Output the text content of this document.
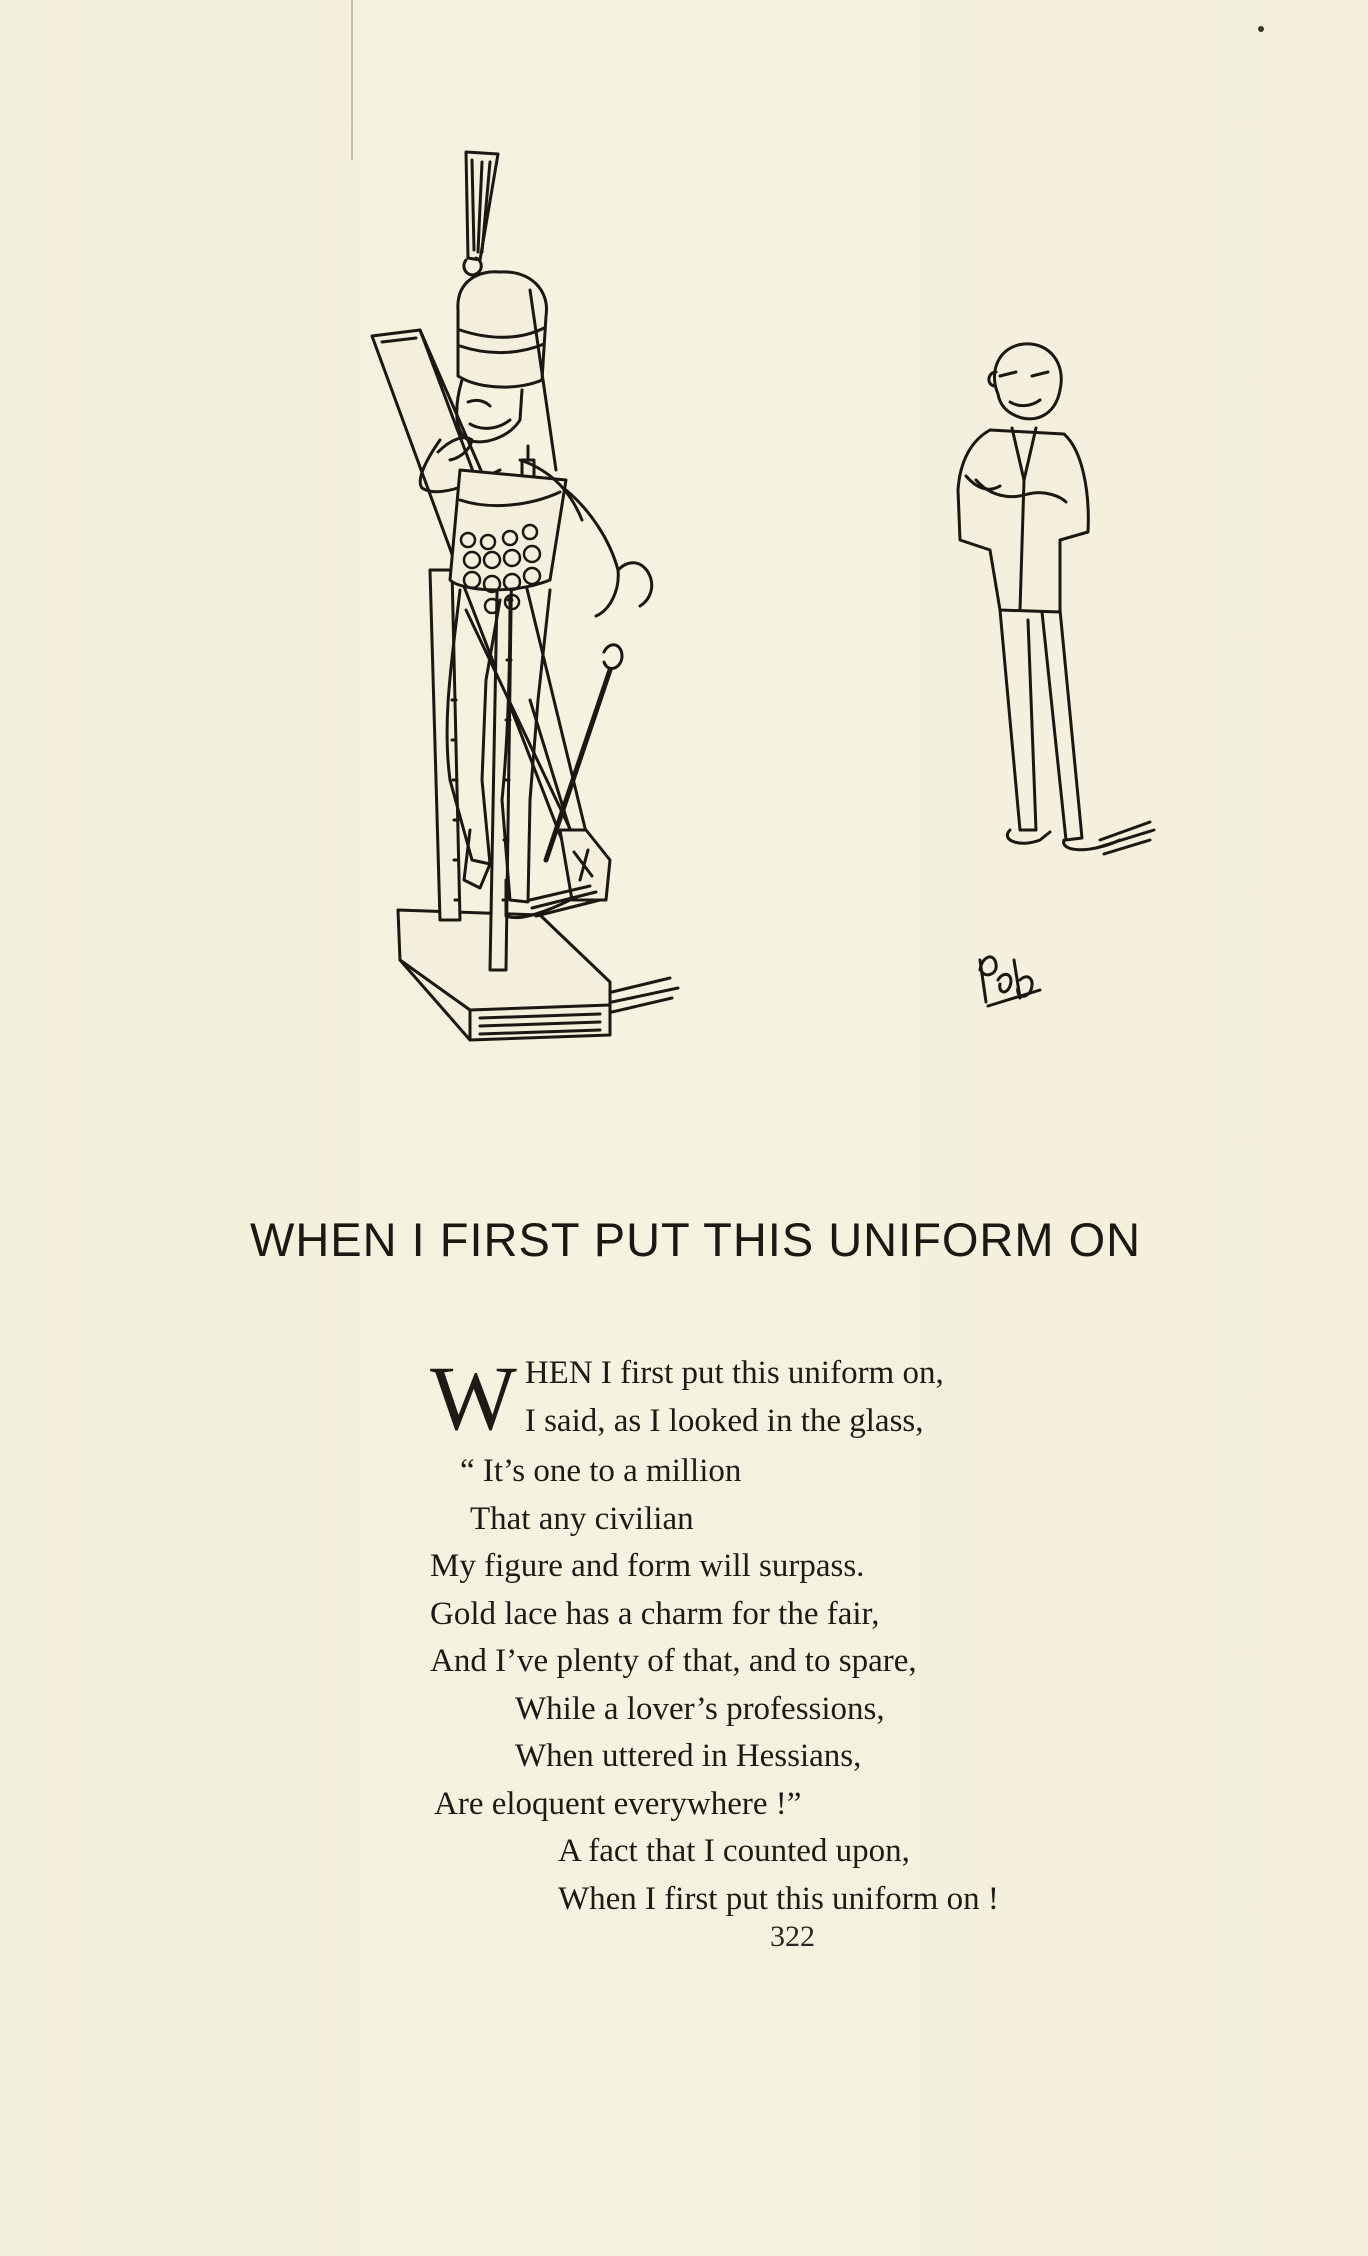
WHEN I FIRST PUT THIS UNIFORM ON
W HEN I first put this uniform on,
I said, as I looked in the glass,
“ It’s one to a million
That any civilian
My figure and form will surpass.
Gold lace has a charm for the fair,
And I’ve plenty of that, and to spare,
While a lover’s professions,
When uttered in Hessians,
Are eloquent everywhere !”
A fact that I counted upon,
When I first put this uniform on !
322
